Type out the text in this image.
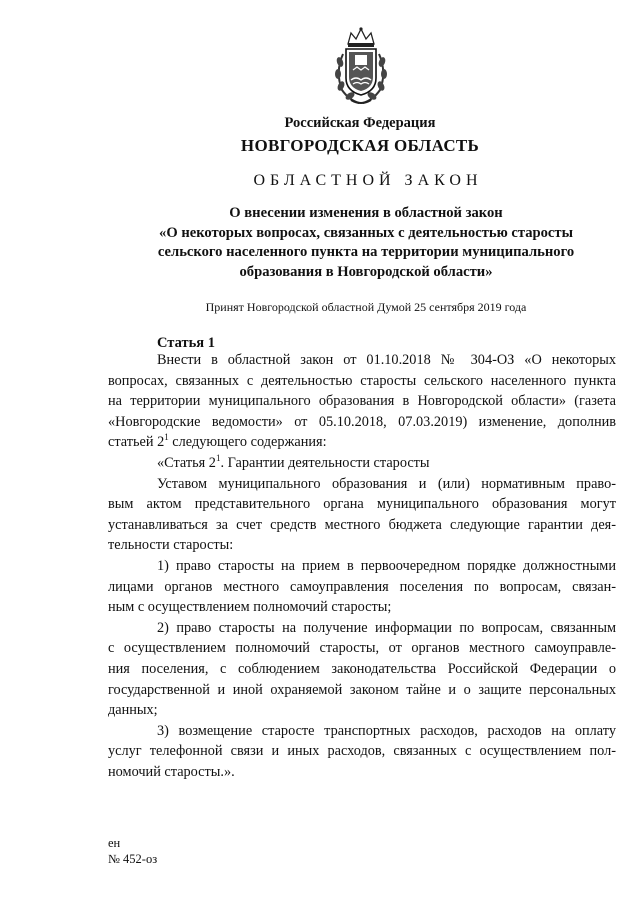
Российская Федерация
НОВГОРОДСКАЯ ОБЛАСТЬ
ОБЛАСТНОЙ ЗАКОН
О внесении изменения в областной закон
«О некоторых вопросах, связанных с деятельностью старосты
сельского населенного пункта на территории муниципального
образования в Новгородской области»
Принят Новгородской областной Думой 25 сентября 2019 года
Статья 1
Внести в областной закон от 01.10.2018 № 304-ОЗ «О некоторых
вопросах, связанных с деятельностью старосты сельского населенного пункта
на территории муниципального образования в Новгородской области» (газета
«Новгородские ведомости» от 05.10.2018, 07.03.2019) изменение, дополнив
статьей $2^1$ следующего содержания:
«Статья $2^1$. Гарантии деятельности старосты
Уставом муниципального образования и (или) нормативным право-
вым актом представительного органа муниципального образования могут
устанавливаться за счет средств местного бюджета следующие гарантии дея-
тельности старосты:
1) право старосты на прием в первоочередном порядке должностными
лицами органов местного самоуправления поселения по вопросам, связан-
ным с осуществлением полномочий старосты;
2) право старосты на получение информации по вопросам, связанным
с осуществлением полномочий старосты, от органов местного самоуправле-
ния поселения, с соблюдением законодательства Российской Федерации о
государственной и иной охраняемой законом тайне и о защите персональных
данных;
3) возмещение старосте транспортных расходов, расходов на оплату
услуг телефонной связи и иных расходов, связанных с осуществлением пол-
номочий старосты.».
ен
№ 452-оз
